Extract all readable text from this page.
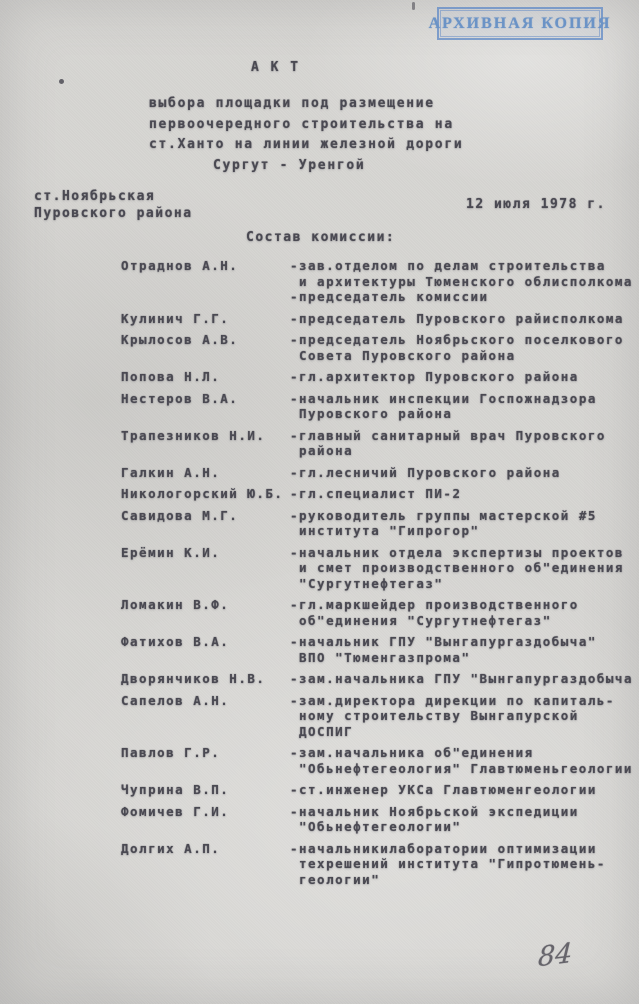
АРХИВНАЯ КОПИЯ
А К Т
выбора площадки под размещение
первоочередного строительства на
ст.Ханто на линии железной дороги
Сургут - Уренгой
ст.Ноябрьская
Пуровского района
12 июля 1978 г.
Состав комиссии:
Отраднов А.Н.	-зав.отделом по делам строительства
и архитектуры Тюменского облисполкома
-председатель комиссии
Кулинич Г.Г.	-председатель Пуровского райисполкома
Крылосов А.В.	-председатель Ноябрьского поселкового
Совета Пуровского района
Попова Н.Л.	-гл.архитектор Пуровского района
Нестеров В.А.	-начальник инспекции Госпожнадзора
Пуровского района
Трапезников Н.И.	-главный санитарный врач Пуровского
района
Галкин А.Н.	-гл.лесничий Пуровского района
Никологорский Ю.Б. -гл.специалист ПИ-2
Савидова М.Г.	-руководитель группы мастерской #5
института "Гипрогор"
Ерёмин К.И.	-начальник отдела экспертизы проектов
и смет производственного об"единения
"Сургутнефтегаз"
Ломакин В.Ф.	-гл.маркшейдер производственного
об"единения "Сургутнефтегаз"
Фатихов В.А.	-начальник ГПУ "Вынгапургаздобыча"
ВПО "Тюменгазпрома"
Дворянчиков Н.В.	-зам.начальника ГПУ "Вынгапургаздобыча
Сапелов А.Н.	-зам.директора дирекции по капиталь-
ному строительству Вынгапурской
ДОСПИГ
Павлов Г.Р.	-зам.начальника об"единения
"Обьнефтегеология" Главтюменьгеологии
Чуприна В.П.	-ст.инженер УКСа Главтюменгеологии
Фомичев Г.И.	-начальник Ноябрьской экспедиции
"Обьнефтегеологии"
Долгих А.П.	-начальникилаборатории оптимизации
техрешений института "Гипротюмень-
геологии"
84
